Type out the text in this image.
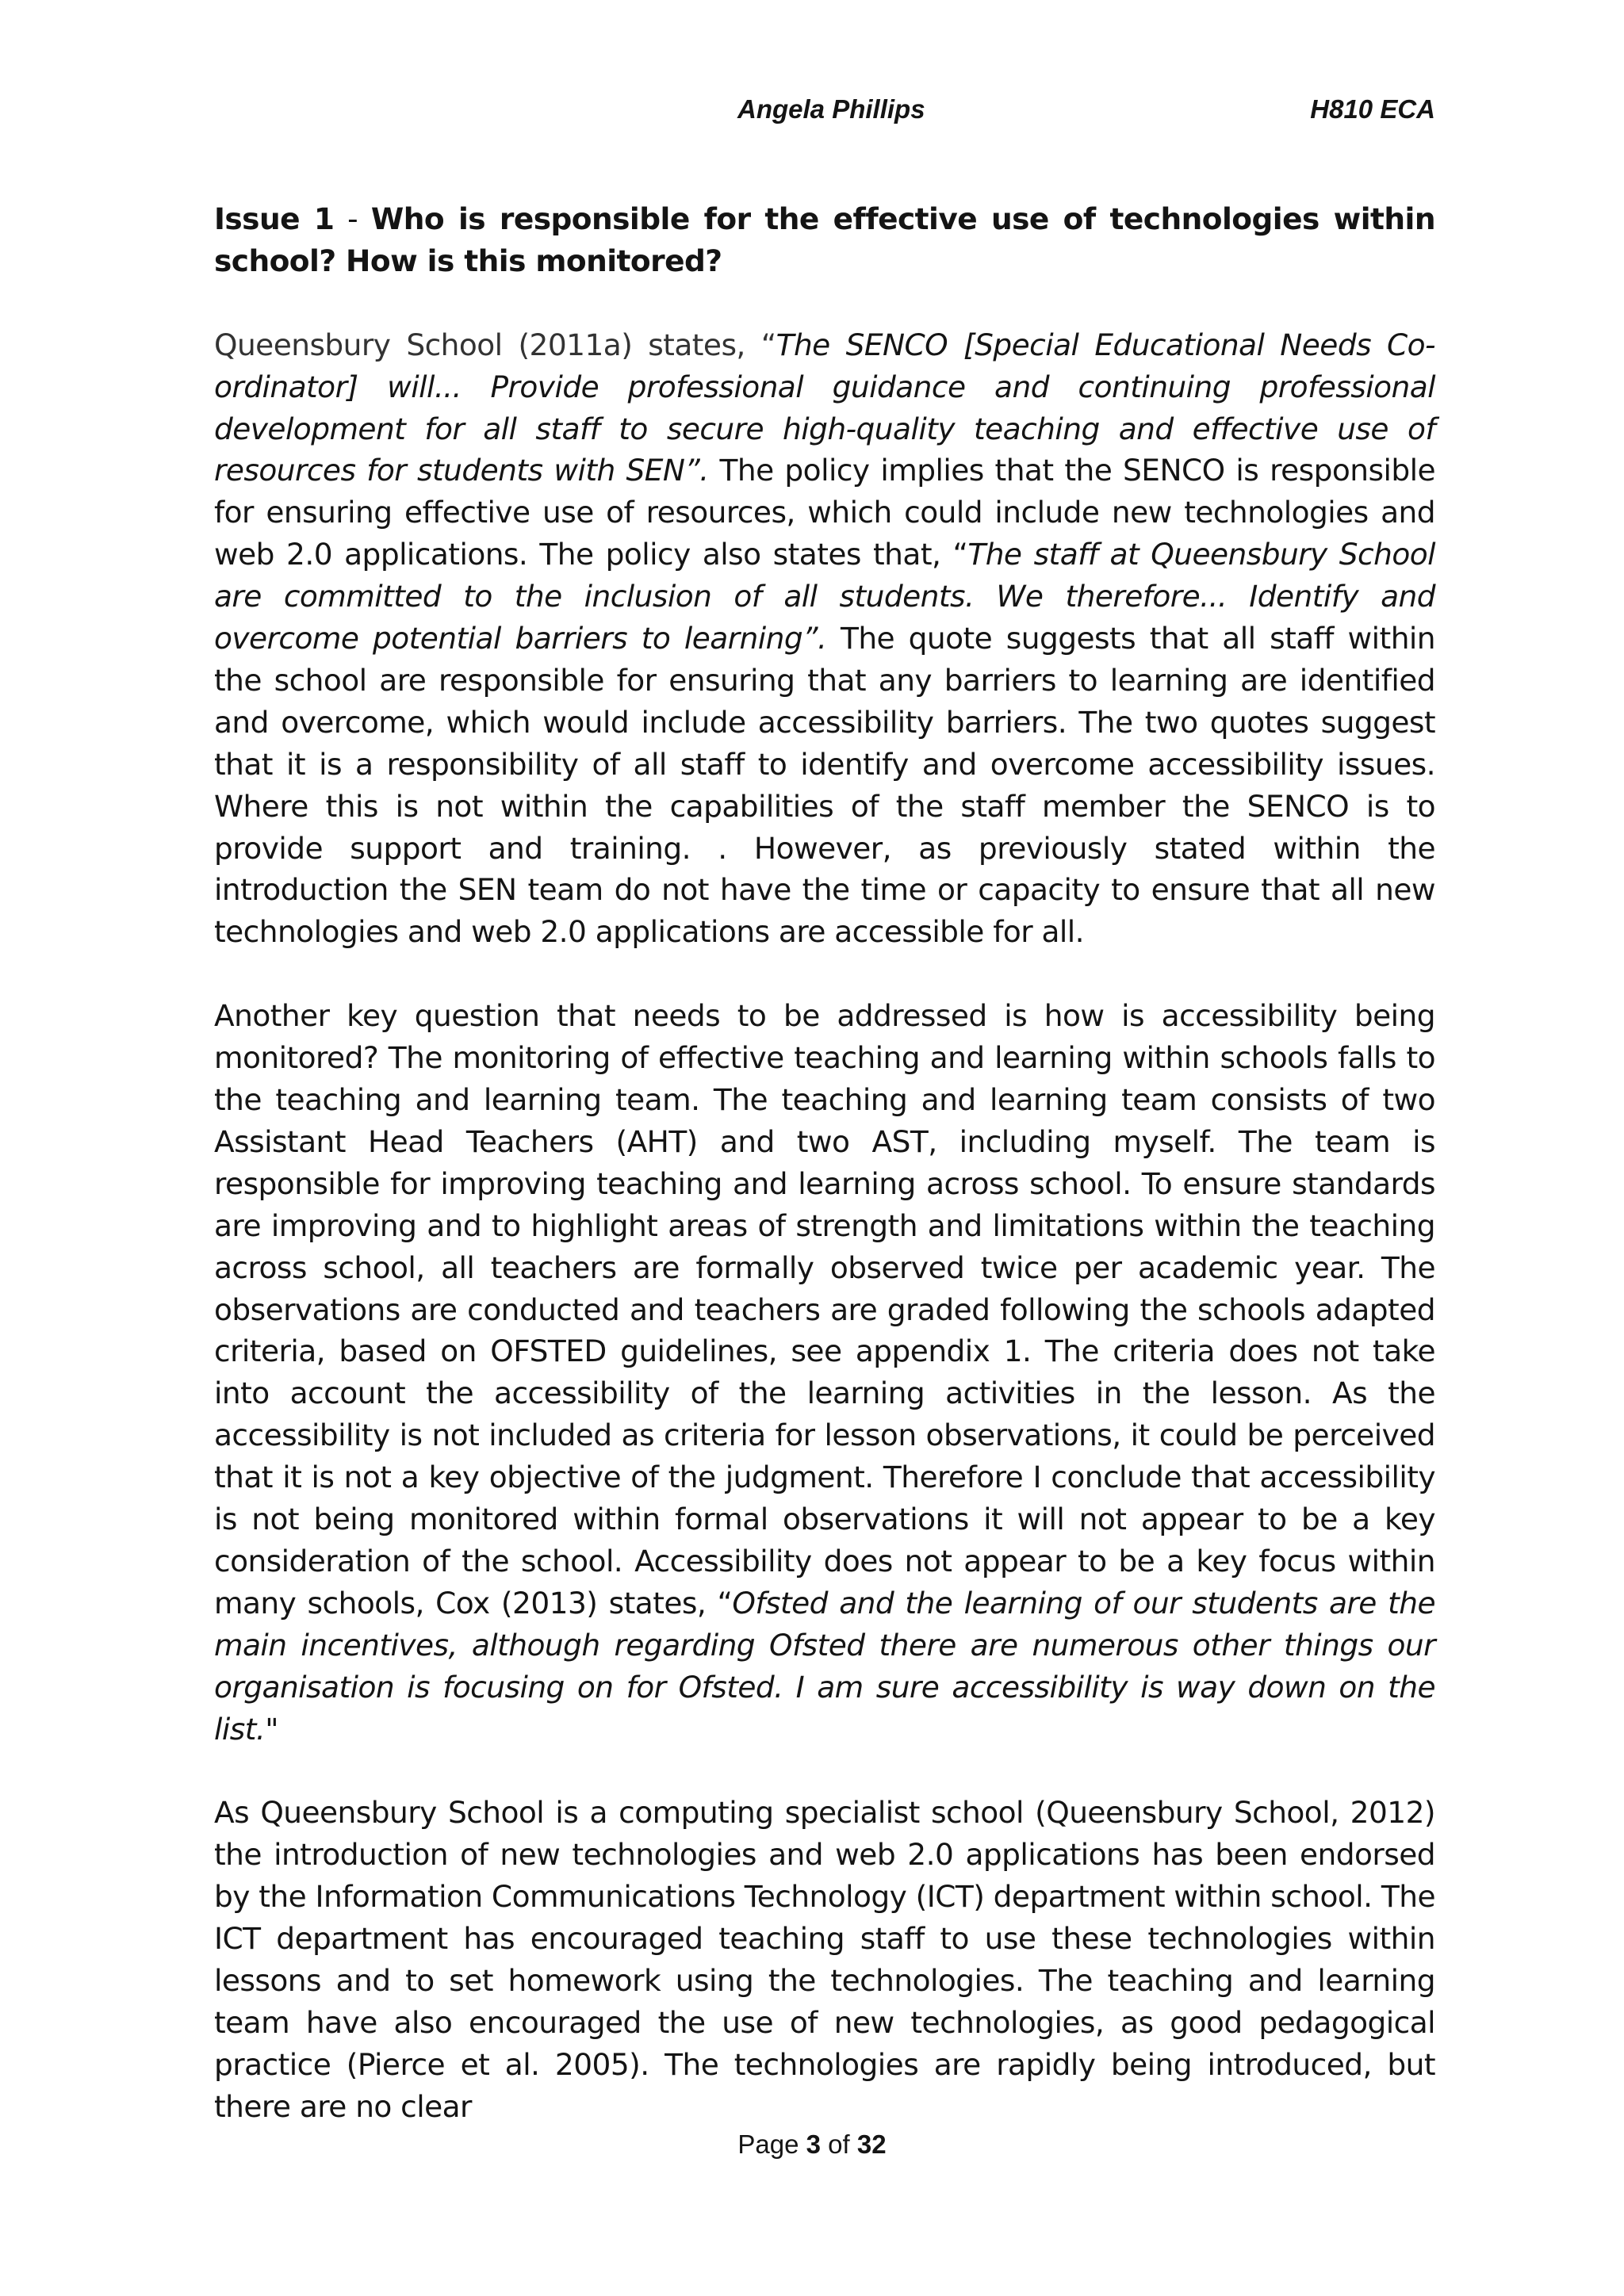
Angela Phillips	H810 ECA

Issue 1 - Who is responsible for the effective use of technologies within school? How is this monitored?

Queensbury School (2011a) states, “The SENCO [Special Educational Needs Co-ordinator] will... Provide professional guidance and continuing professional development for all staff to secure high-quality teaching and effective use of resources for students with SEN”. The policy implies that the SENCO is responsible for ensuring effective use of resources, which could include new technologies and web 2.0 applications. The policy also states that, “The staff at Queensbury School are committed to the inclusion of all students. We therefore... Identify and overcome potential barriers to learning”. The quote suggests that all staff within the school are responsible for ensuring that any barriers to learning are identified and overcome, which would include accessibility barriers. The two quotes suggest that it is a responsibility of all staff to identify and overcome accessibility issues. Where this is not within the capabilities of the staff member the SENCO is to provide support and training. . However, as previously stated within the introduction the SEN team do not have the time or capacity to ensure that all new technologies and web 2.0 applications are accessible for all.

Another key question that needs to be addressed is how is accessibility being monitored? The monitoring of effective teaching and learning within schools falls to the teaching and learning team. The teaching and learning team consists of two Assistant Head Teachers (AHT) and two AST, including myself. The team is responsible for improving teaching and learning across school. To ensure standards are improving and to highlight areas of strength and limitations within the teaching across school, all teachers are formally observed twice per academic year. The observations are conducted and teachers are graded following the schools adapted criteria, based on OFSTED guidelines, see appendix 1. The criteria does not take into account the accessibility of the learning activities in the lesson. As the accessibility is not included as criteria for lesson observations, it could be perceived that it is not a key objective of the judgment. Therefore I conclude that accessibility is not being monitored within formal observations it will not appear to be a key consideration of the school. Accessibility does not appear to be a key focus within many schools, Cox (2013) states, “Ofsted and the learning of our students are the main incentives, although regarding Ofsted there are numerous other things our organisation is focusing on for Ofsted. I am sure accessibility is way down on the list."

As Queensbury School is a computing specialist school (Queensbury School, 2012) the introduction of new technologies and web 2.0 applications has been endorsed by the Information Communications Technology (ICT) department within school. The ICT department has encouraged teaching staff to use these technologies within lessons and to set homework using the technologies. The teaching and learning team have also encouraged the use of new technologies, as good pedagogical practice (Pierce et al. 2005). The technologies are rapidly being introduced, but there are no clear

Page 3 of 32
